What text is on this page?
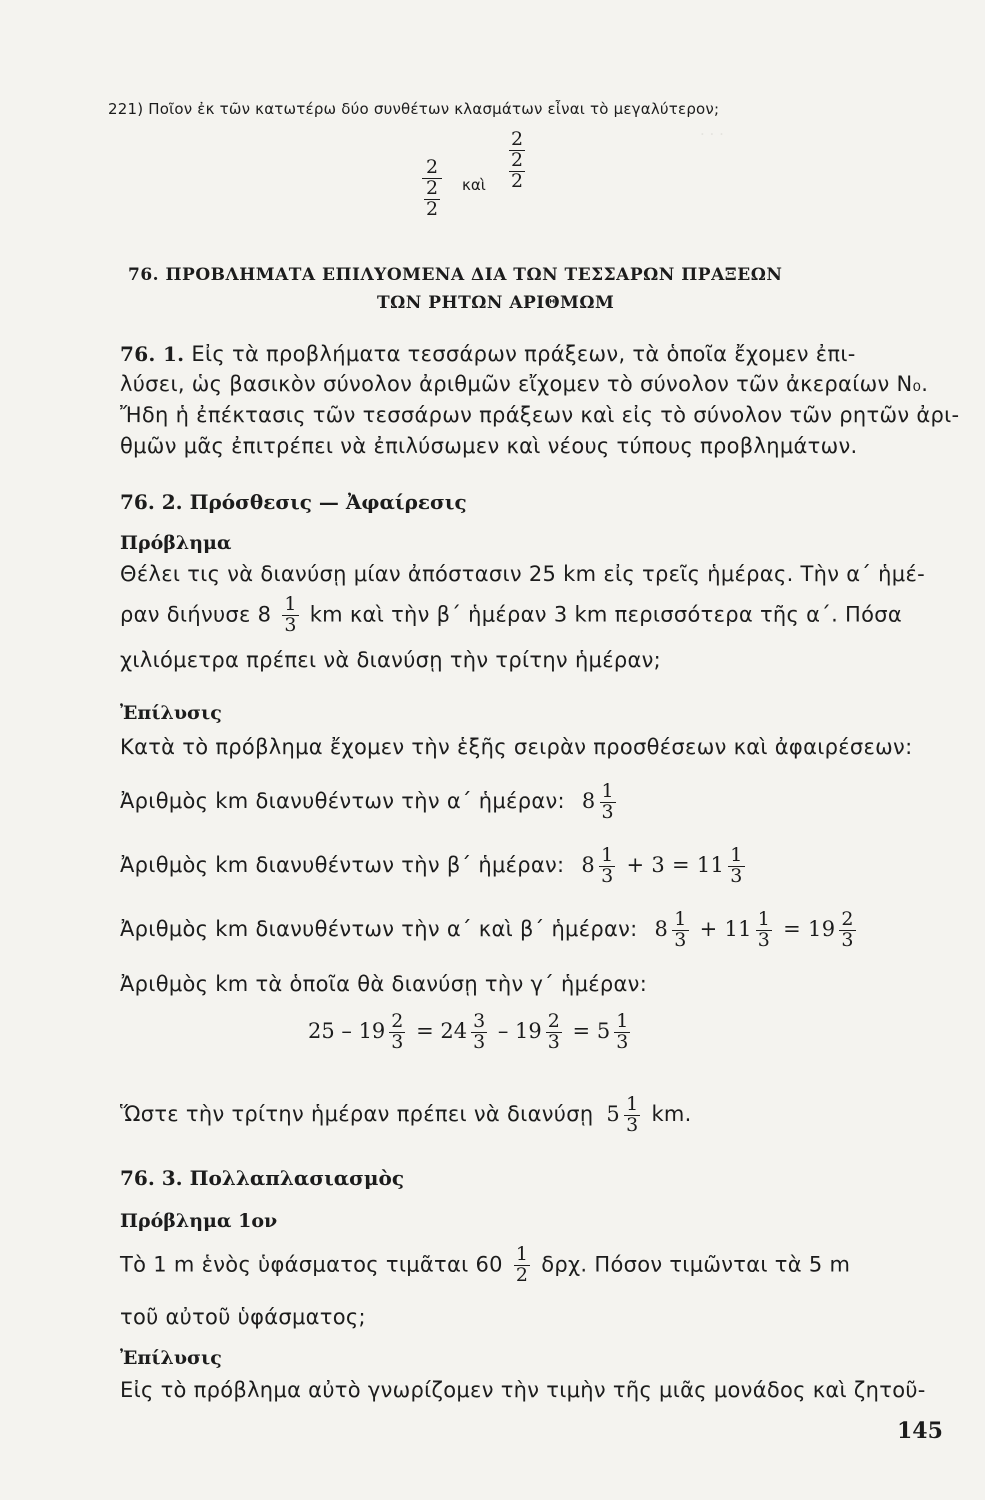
· · ·
221) Ποῖον ἐκ τῶν κατωτέρω δύο συνθέτων κλασμάτων εἶναι τὸ μεγαλύτερον;
$\frac{2}{\frac{2}{2}}$ καὶ $\frac{\frac{2}{2}}{2}$
76. ΠΡΟΒΛΗΜΑΤΑ ΕΠΙΛΥΟΜΕΝΑ ΔΙΑ ΤΩΝ ΤΕΣΣΑΡΩΝ ΠΡΑΞΕΩΝ
ΤΩΝ ΡΗΤΩΝ ΑΡΙΘΜΩΜ
76. 1. Εἰς τὰ προβλήματα τεσσάρων πράξεων, τὰ ὁποῖα ἔχομεν ἐπι-
λύσει, ὡς βασικὸν σύνολον ἀριθμῶν εἴχομεν τὸ σύνολον τῶν ἀκεραίων N₀.
Ἤδη ἡ ἐπέκτασις τῶν τεσσάρων πράξεων καὶ εἰς τὸ σύνολον τῶν ρητῶν ἀρι-
θμῶν μᾶς ἐπιτρέπει νὰ ἐπιλύσωμεν καὶ νέους τύπους προβλημάτων.
76. 2. Πρόσθεσις — Ἀφαίρεσις
Πρόβλημα
Θέλει τις νὰ διανύσῃ μίαν ἀπόστασιν 25 km εἰς τρεῖς ἡμέρας. Τὴν α΄ ἡμέ-
ραν διήνυσε $8 \frac{1}{3}$ km καὶ τὴν β΄ ἡμέραν 3 km περισσότερα τῆς α΄. Πόσα
χιλιόμετρα πρέπει νὰ διανύσῃ τὴν τρίτην ἡμέραν;
Ἐπίλυσις
Κατὰ τὸ πρόβλημα ἔχομεν τὴν ἑξῆς σειρὰν προσθέσεων καὶ ἀφαιρέσεων:
Ἀριθμὸς km διανυθέντων τὴν α΄ ἡμέραν: $8 \frac{1}{3}$
Ἀριθμὸς km διανυθέντων τὴν β΄ ἡμέραν: $8 \frac{1}{3} + 3 = 11 \frac{1}{3}$
Ἀριθμὸς km διανυθέντων τὴν α΄ καὶ β΄ ἡμέραν: $8 \frac{1}{3} + 11 \frac{1}{3} = 19 \frac{2}{3}$
Ἀριθμὸς km τὰ ὁποῖα θὰ διανύσῃ τὴν γ΄ ἡμέραν:
$25 - 19 \frac{2}{3} = 24 \frac{3}{3} - 19 \frac{2}{3} = 5 \frac{1}{3}$
Ὥστε τὴν τρίτην ἡμέραν πρέπει νὰ διανύσῃ $5 \frac{1}{3}$ km.
76. 3. Πολλαπλασιασμὸς
Πρόβλημα 1ον
Τὸ 1 m ἑνὸς ὑφάσματος τιμᾶται $60 \frac{1}{2} \delta\rho\chi$. Πόσον τιμῶνται τὰ 5 m
τοῦ αὐτοῦ ὑφάσματος;
Ἐπίλυσις
Εἰς τὸ πρόβλημα αὐτὸ γνωρίζομεν τὴν τιμὴν τῆς μιᾶς μονάδος καὶ ζητοῦ-
145
